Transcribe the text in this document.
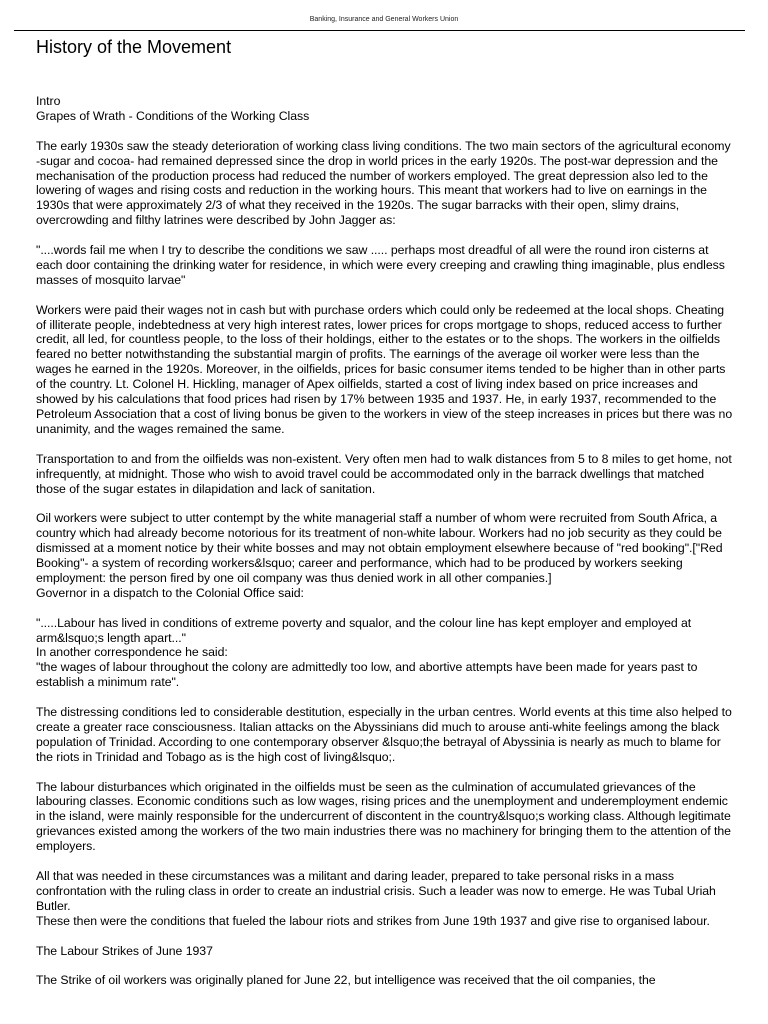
Banking, Insurance and General Workers Union
History of the Movement

Intro
Grapes of Wrath - Conditions of the Working Class

The early 1930s saw the steady deterioration of working class living conditions. The two main sectors of the agricultural economy -sugar and cocoa- had remained depressed since the drop in world prices in the early 1920s. The post-war depression and the mechanisation of the production process had reduced the number of workers employed. The great depression also led to the lowering of wages and rising costs and reduction in the working hours. This meant that workers had to live on earnings in the 1930s that were approximately 2/3 of what they received in the 1920s. The sugar barracks with their open, slimy drains, overcrowding and filthy latrines were described by John Jagger as:

"....words fail me when I try to describe the conditions we saw ..... perhaps most dreadful of all were the round iron cisterns at each door containing the drinking water for residence, in which were every creeping and crawling thing imaginable, plus endless masses of mosquito larvae"

Workers were paid their wages not in cash but with purchase orders which could only be redeemed at the local shops. Cheating of illiterate people, indebtedness at very high interest rates, lower prices for crops mortgage to shops, reduced access to further credit, all led, for countless people, to the loss of their holdings, either to the estates or to the shops. The workers in the oilfields feared no better notwithstanding the substantial margin of profits. The earnings of the average oil worker were less than the wages he earned in the 1920s. Moreover, in the oilfields, prices for basic consumer items tended to be higher than in other parts of the country. Lt. Colonel H. Hickling, manager of Apex oilfields, started a cost of living index based on price increases and showed by his calculations that food prices had risen by 17% between 1935 and 1937. He, in early 1937, recommended to the Petroleum Association that a cost of living bonus be given to the workers in view of the steep increases in prices but there was no unanimity, and the wages remained the same.

Transportation to and from the oilfields was non-existent. Very often men had to walk distances from 5 to 8 miles to get home, not infrequently, at midnight. Those who wish to avoid travel could be accommodated only in the barrack dwellings that matched those of the sugar estates in dilapidation and lack of sanitation.

Oil workers were subject to utter contempt by the white managerial staff a number of whom were recruited from South Africa, a country which had already become notorious for its treatment of non-white labour. Workers had no job security as they could be dismissed at a moment notice by their white bosses and may not obtain employment elsewhere because of "red booking".["Red Booking"- a system of recording workers&lsquo; career and performance, which had to be produced by workers seeking employment: the person fired by one oil company was thus denied work in all other companies.]
Governor in a dispatch to the Colonial Office said:

".....Labour has lived in conditions of extreme poverty and squalor, and the colour line has kept employer and employed at arm&lsquo;s length apart..."
In another correspondence he said:
"the wages of labour throughout the colony are admittedly too low, and abortive attempts have been made for years past to establish a minimum rate".

The distressing conditions led to considerable destitution, especially in the urban centres. World events at this time also helped to create a greater race consciousness. Italian attacks on the Abyssinians did much to arouse anti-white feelings among the black population of Trinidad. According to one contemporary observer &lsquo;the betrayal of Abyssinia is nearly as much to blame for the riots in Trinidad and Tobago as is the high cost of living&lsquo;.

The labour disturbances which originated in the oilfields must be seen as the culmination of accumulated grievances of the labouring classes. Economic conditions such as low wages, rising prices and the unemployment and underemployment endemic in the island, were mainly responsible for the undercurrent of discontent in the country&lsquo;s working class. Although legitimate grievances existed among the workers of the two main industries there was no machinery for bringing them to the attention of the employers.

All that was needed in these circumstances was a militant and daring leader, prepared to take personal risks in a mass confrontation with the ruling class in order to create an industrial crisis. Such a leader was now to emerge. He was Tubal Uriah Butler.
These then were the conditions that fueled the labour riots and strikes from June 19th 1937 and give rise to organised labour.

The Labour Strikes of June 1937

The Strike of oil workers was originally planed for June 22, but intelligence was received that the oil companies, the
